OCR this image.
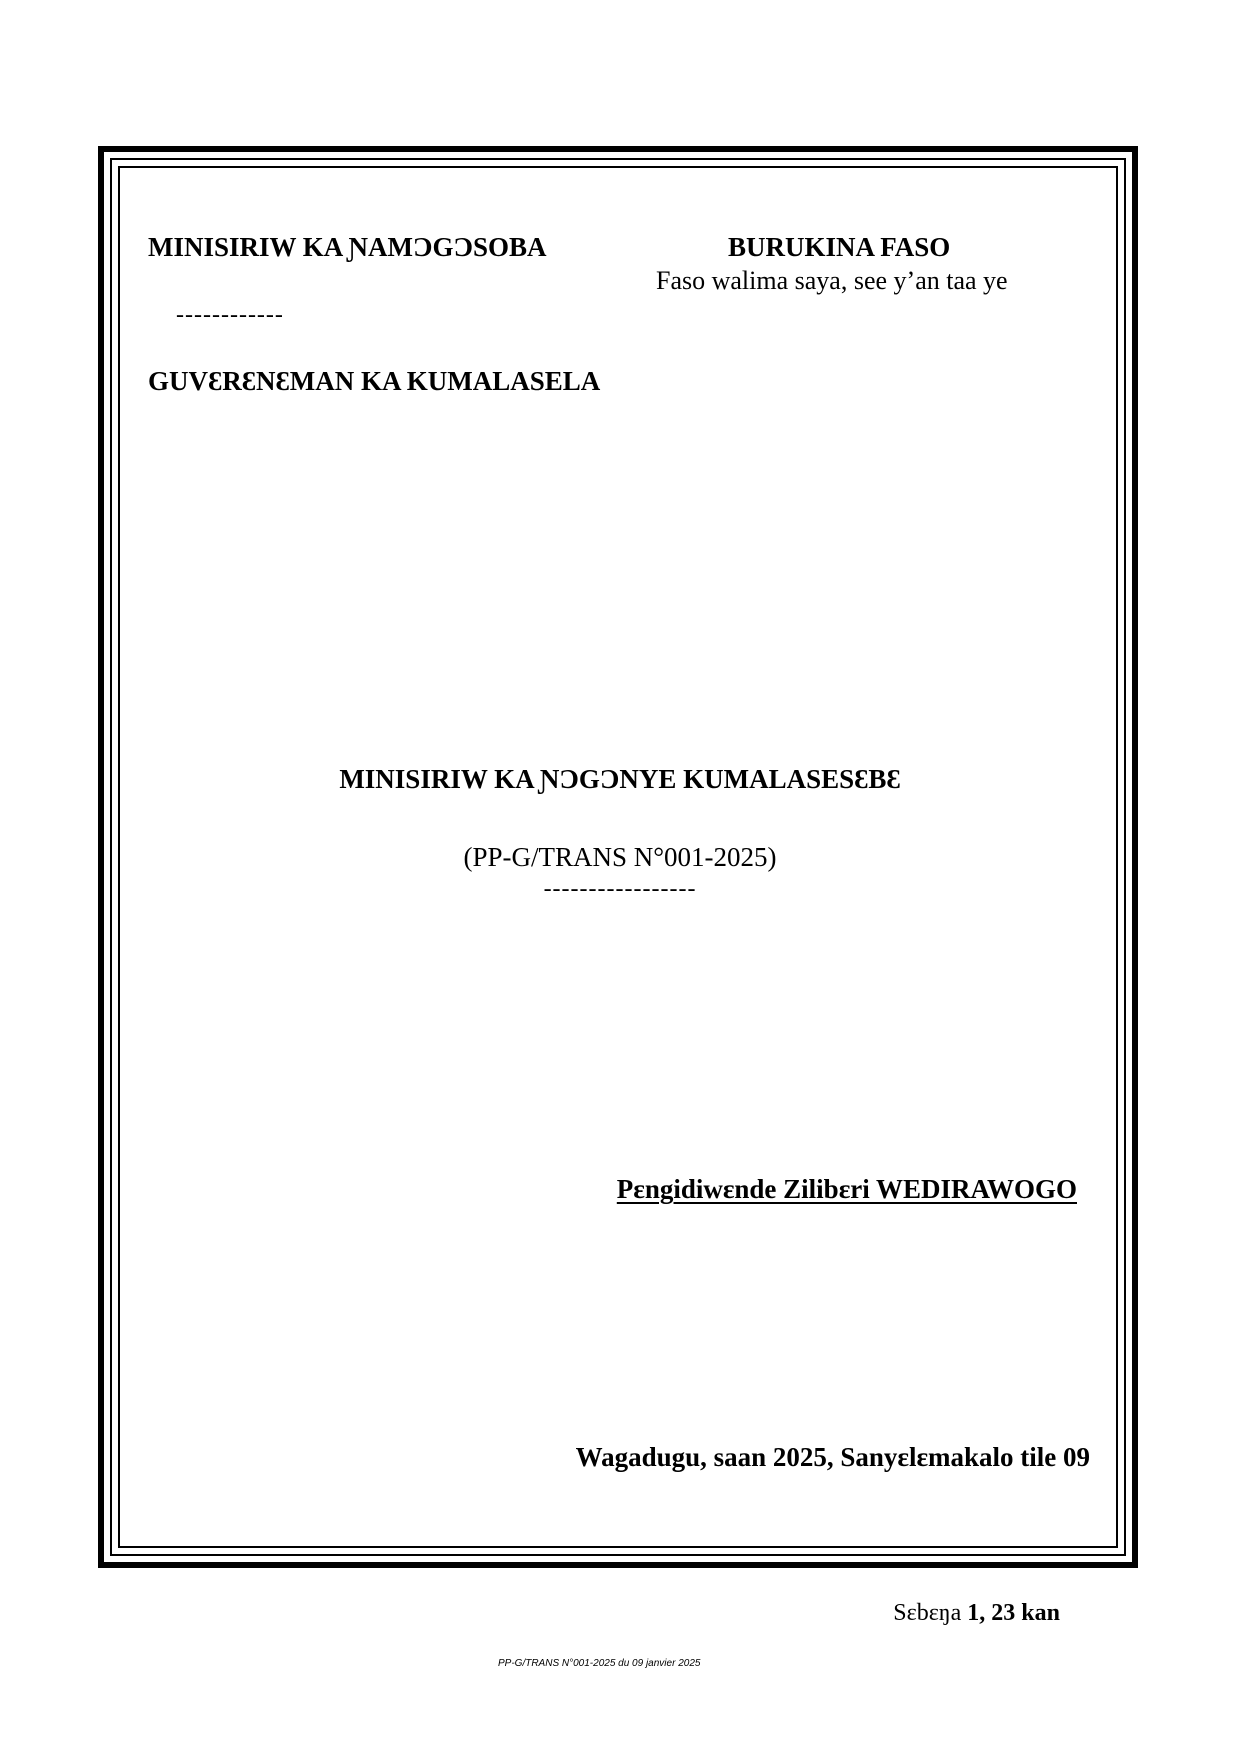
MINISIRIW KA ƝAMƆGƆSOBA
------------
GUVƐRƐNƐMAN KA KUMALASELA
BURUKINA FASO
Faso walima saya, see y’an taa ye
MINISIRIW KA ƝƆGƆNYE KUMALASESƐBƐ
(PP-G/TRANS N°001-2025)
-----------------
Pɛngidiwɛnde Zilibɛri WEDIRAWOGO
Wagadugu, saan 2025, Sanyɛlɛmakalo tile 09
Sɛbɛŋa 1, 23 kan
PP-G/TRANS N°001-2025 du 09 janvier 2025
